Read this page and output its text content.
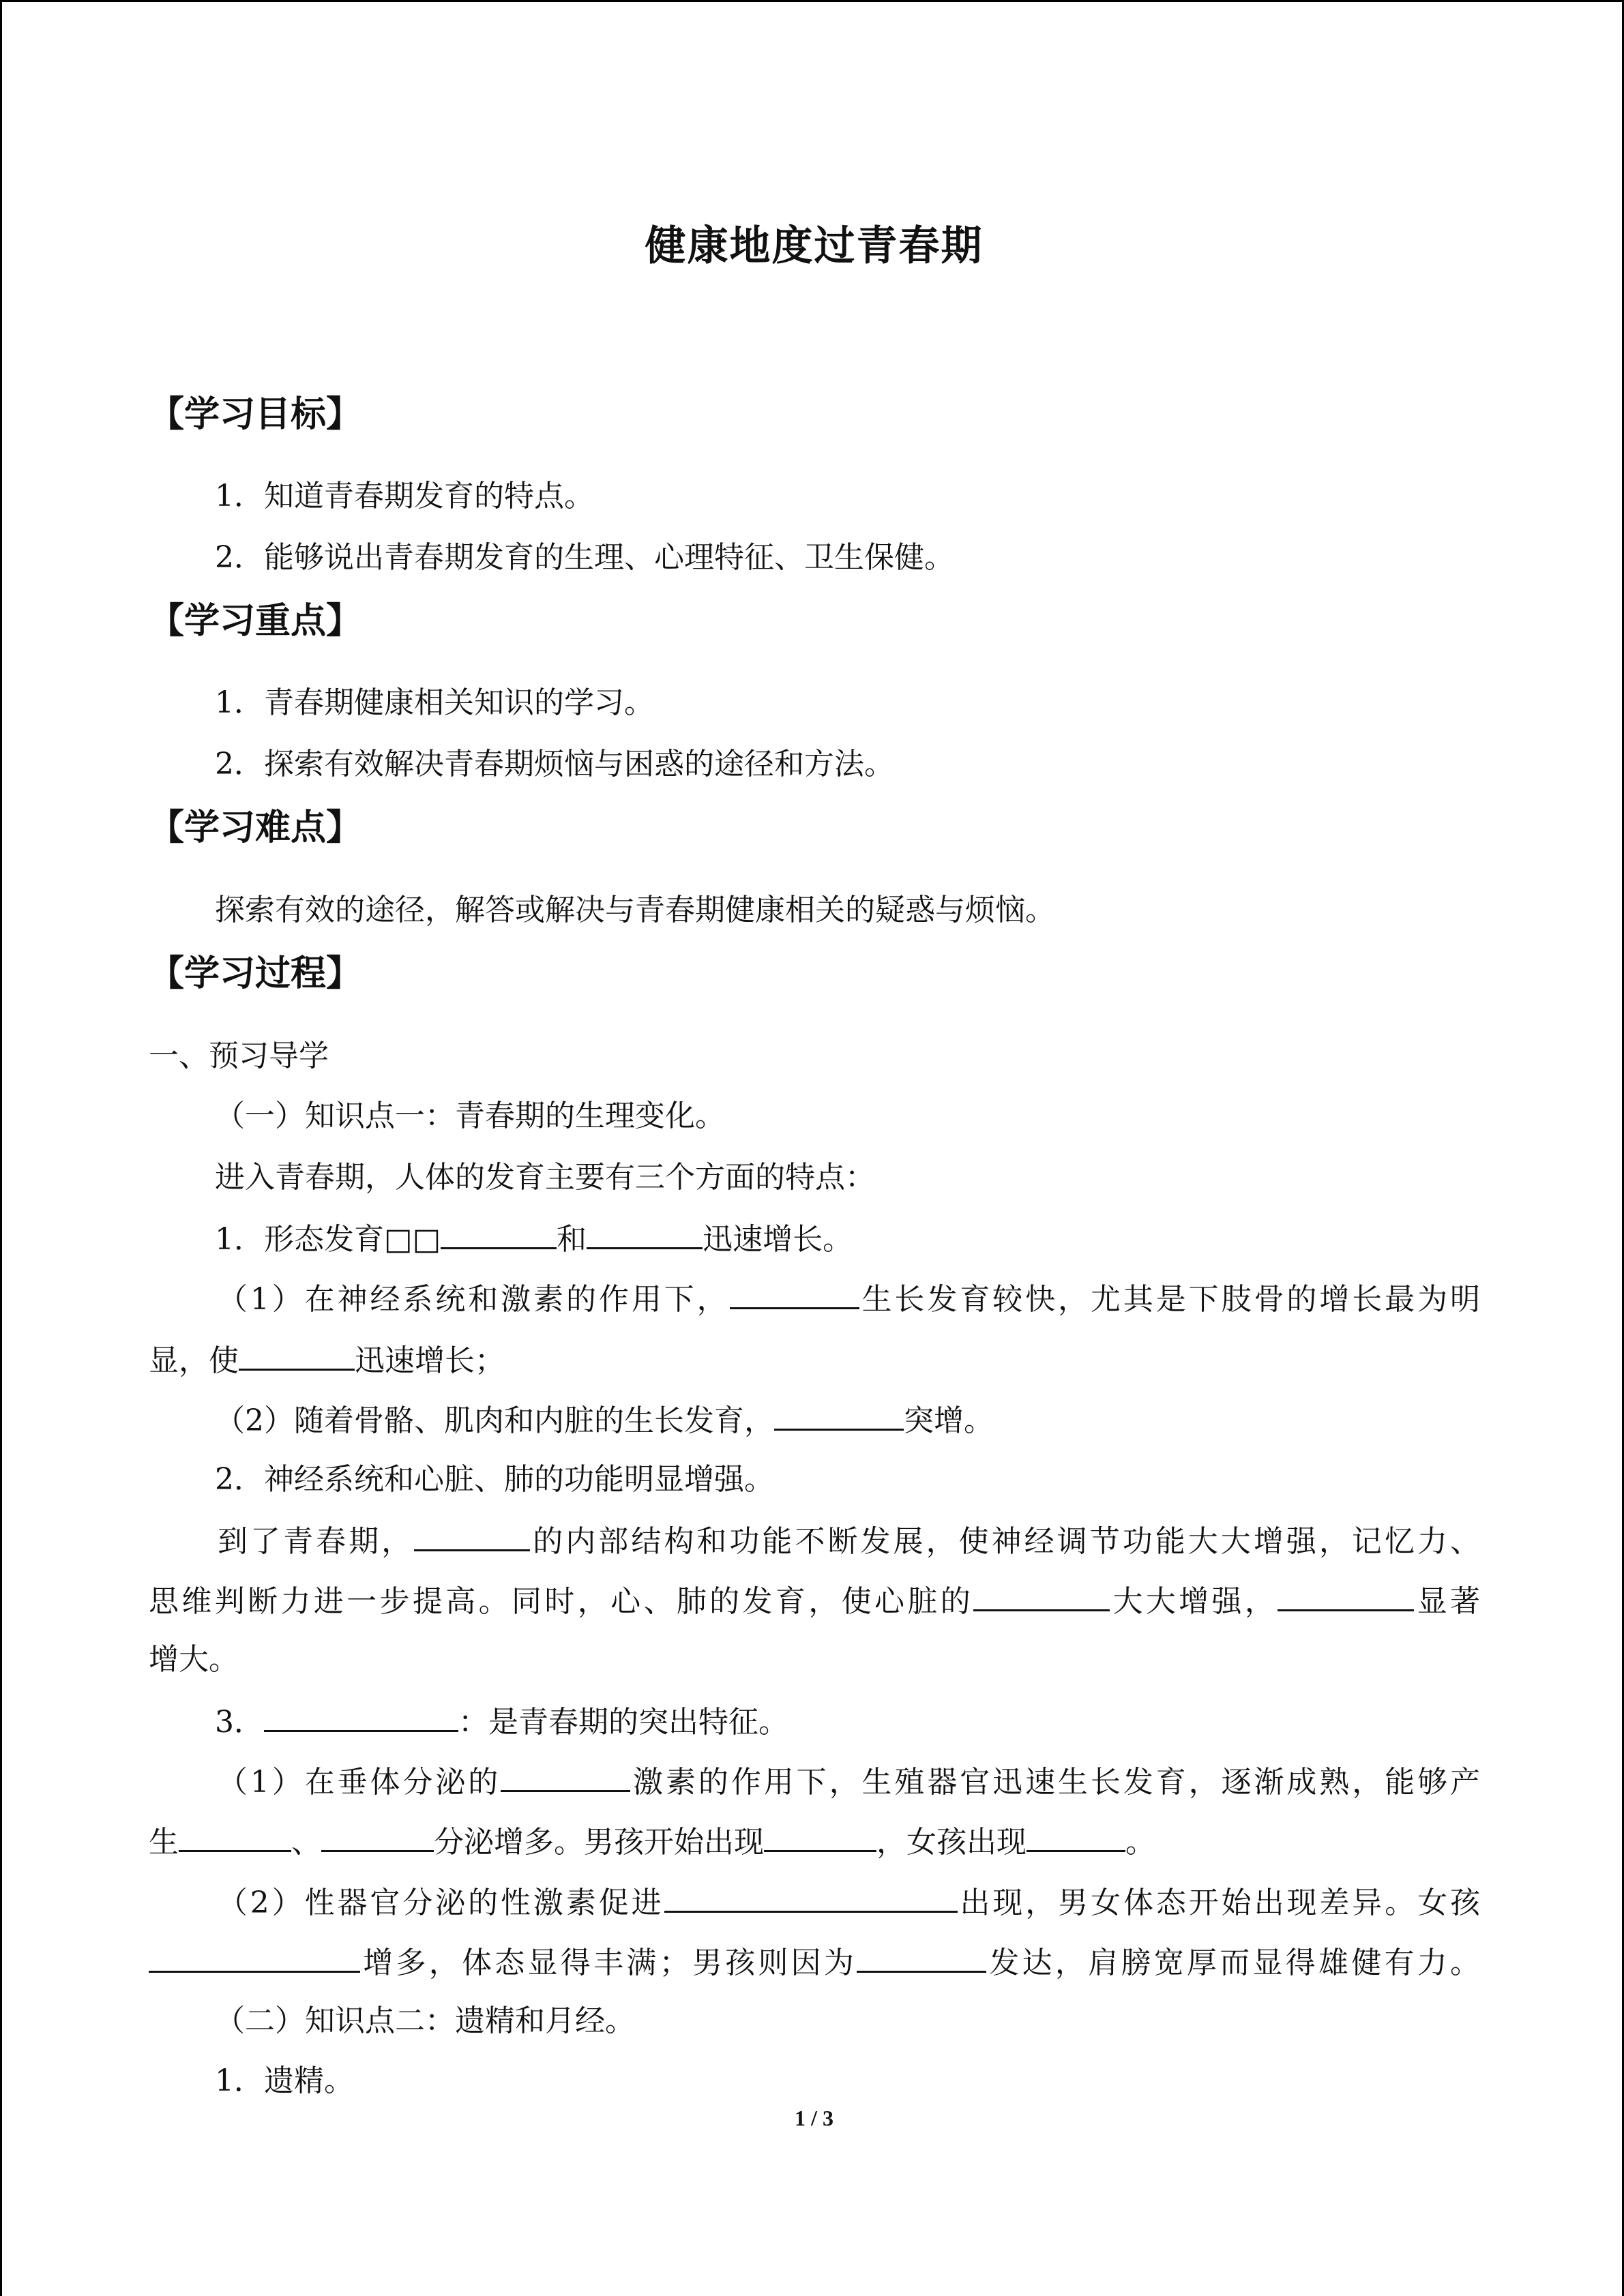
健康地度过青春期
【学习目标】
1．知道青春期发育的特点。
2．能够说出青春期发育的生理、心理特征、卫生保健。
【学习重点】
1．青春期健康相关知识的学习。
2．探索有效解决青春期烦恼与困惑的途径和方法。
【学习难点】
探索有效的途径，解答或解决与青春期健康相关的疑惑与烦恼。
【学习过程】
一、预习导学
（一）知识点一：青春期的生理变化。
进入青春期，人体的发育主要有三个方面的特点：
1．形态发育□□	和	迅速增长。
（1）在神经系统和激素的作用下，	生长发育较快，尤其是下肢骨的增长最为明
显，使	迅速增长；
（2）随着骨骼、肌肉和内脏的生长发育，	突增。
2．神经系统和心脏、肺的功能明显增强。
到了青春期，	的内部结构和功能不断发展，使神经调节功能大大增强，记忆力、
思维判断力进一步提高。同时，心、肺的发育，使心脏的	大大增强，	显著
增大。
3．	：是青春期的突出特征。
（1）在垂体分泌的	激素的作用下，生殖器官迅速生长发育，逐渐成熟，能够产
生	、	分泌增多。男孩开始出现	，女孩出现	。
（2）性器官分泌的性激素促进	出现，男女体态开始出现差异。女孩
增多，体态显得丰满；男孩则因为	发达，肩膀宽厚而显得雄健有力。
（二）知识点二：遗精和月经。
1．遗精。
1 / 3
